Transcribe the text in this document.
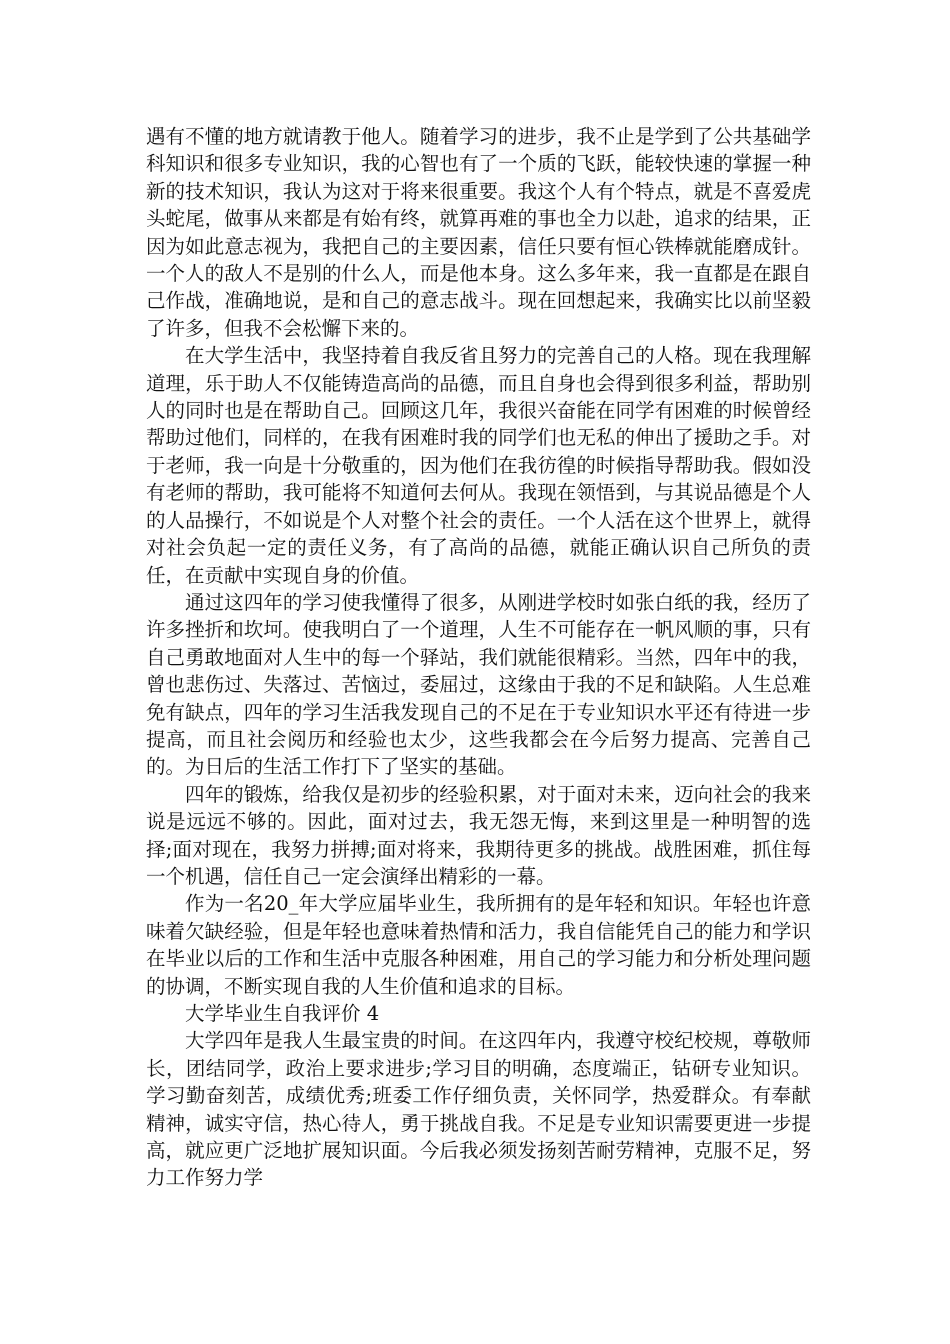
遇有不懂的地方就请教于他人。随着学习的进步，我不止是学到了公共基础学科知识和很多专业知识，我的心智也有了一个质的飞跃，能较快速的掌握一种新的技术知识，我认为这对于将来很重要。我这个人有个特点，就是不喜爱虎头蛇尾，做事从来都是有始有终，就算再难的事也全力以赴，追求的结果，正因为如此意志视为，我把自己的主要因素，信任只要有恒心铁棒就能磨成针。一个人的敌人不是别的什么人，而是他本身。这么多年来，我一直都是在跟自己作战，准确地说，是和自己的意志战斗。现在回想起来，我确实比以前坚毅了许多，但我不会松懈下来的。

在大学生活中，我坚持着自我反省且努力的完善自己的人格。现在我理解道理，乐于助人不仅能铸造高尚的品德，而且自身也会得到很多利益，帮助别人的同时也是在帮助自己。回顾这几年，我很兴奋能在同学有困难的时候曾经帮助过他们，同样的，在我有困难时我的同学们也无私的伸出了援助之手。对于老师，我一向是十分敬重的，因为他们在我彷徨的时候指导帮助我。假如没有老师的帮助，我可能将不知道何去何从。我现在领悟到，与其说品德是个人的人品操行，不如说是个人对整个社会的责任。一个人活在这个世界上，就得对社会负起一定的责任义务，有了高尚的品德，就能正确认识自己所负的责任，在贡献中实现自身的价值。

通过这四年的学习使我懂得了很多，从刚进学校时如张白纸的我，经历了许多挫折和坎坷。使我明白了一个道理，人生不可能存在一帆风顺的事，只有自己勇敢地面对人生中的每一个驿站，我们就能很精彩。当然，四年中的我，曾也悲伤过、失落过、苦恼过，委屈过，这缘由于我的不足和缺陷。人生总难免有缺点，四年的学习生活我发现自己的不足在于专业知识水平还有待进一步提高，而且社会阅历和经验也太少，这些我都会在今后努力提高、完善自己的。为日后的生活工作打下了坚实的基础。

四年的锻炼，给我仅是初步的经验积累，对于面对未来，迈向社会的我来说是远远不够的。因此，面对过去，我无怨无悔，来到这里是一种明智的选择;面对现在，我努力拼搏;面对将来，我期待更多的挑战。战胜困难，抓住每一个机遇，信任自己一定会演绎出精彩的一幕。

作为一名20_年大学应届毕业生，我所拥有的是年轻和知识。年轻也许意味着欠缺经验，但是年轻也意味着热情和活力，我自信能凭自己的能力和学识在毕业以后的工作和生活中克服各种困难，用自己的学习能力和分析处理问题的协调，不断实现自我的人生价值和追求的目标。

大学毕业生自我评价 4

大学四年是我人生最宝贵的时间。在这四年内，我遵守校纪校规，尊敬师长，团结同学，政治上要求进步;学习目的明确，态度端正，钻研专业知识。学习勤奋刻苦，成绩优秀;班委工作仔细负责，关怀同学，热爱群众。有奉献精神，诚实守信，热心待人，勇于挑战自我。不足是专业知识需要更进一步提高，就应更广泛地扩展知识面。今后我必须发扬刻苦耐劳精神，克服不足，努力工作努力学
